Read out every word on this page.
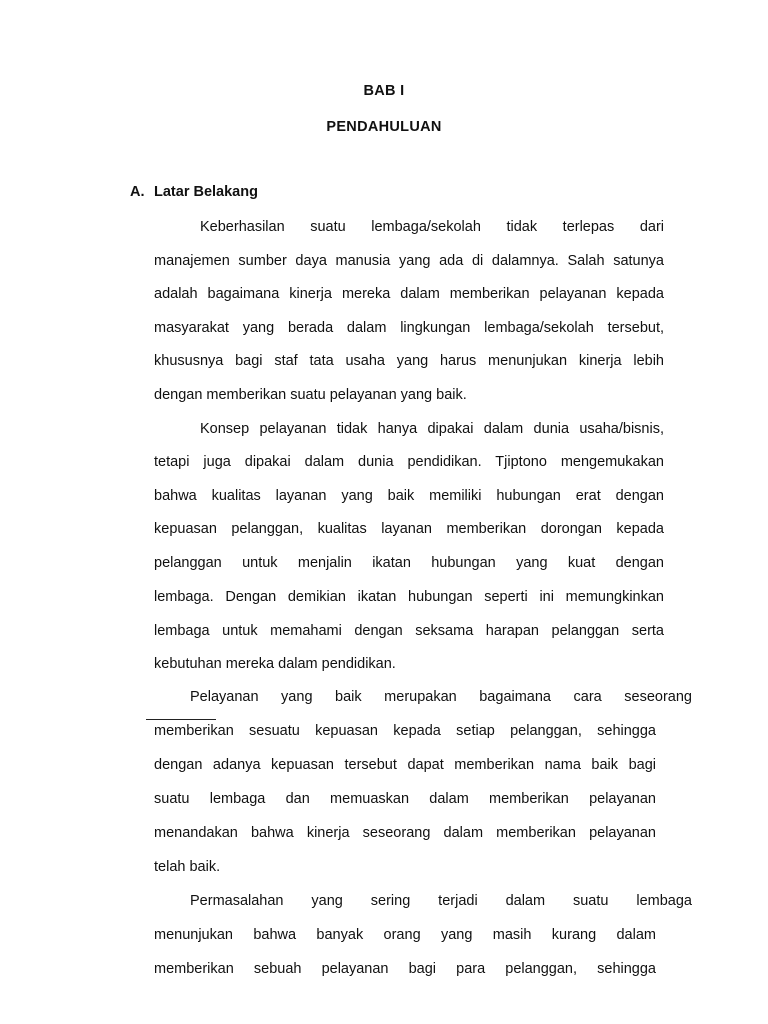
BAB I
PENDAHULUAN
A. Latar Belakang
Keberhasilan suatu lembaga/sekolah tidak terlepas dari
manajemen sumber daya manusia yang ada di dalamnya. Salah satunya
adalah bagaimana kinerja mereka dalam memberikan pelayanan kepada
masyarakat yang berada dalam lingkungan lembaga/sekolah tersebut,
khususnya bagi staf tata usaha yang harus menunjukan kinerja lebih
dengan memberikan suatu pelayanan yang baik.
Konsep pelayanan tidak hanya dipakai dalam dunia usaha/bisnis,
tetapi juga dipakai dalam dunia pendidikan. Tjiptono mengemukakan
bahwa kualitas layanan yang baik memiliki hubungan erat dengan
kepuasan pelanggan, kualitas layanan memberikan dorongan kepada
pelanggan untuk menjalin ikatan hubungan yang kuat dengan
lembaga. Dengan demikian ikatan hubungan seperti ini memungkinkan
lembaga untuk memahami dengan seksama harapan pelanggan serta
kebutuhan mereka dalam pendidikan.
Pelayanan yang baik merupakan bagaimana cara seseorang
memberikan sesuatu kepuasan kepada setiap pelanggan, sehingga
dengan adanya kepuasan tersebut dapat memberikan nama baik bagi
suatu lembaga dan memuaskan dalam memberikan pelayanan
menandakan bahwa kinerja seseorang dalam memberikan pelayanan
telah baik.
Permasalahan yang sering terjadi dalam suatu lembaga
menunjukan bahwa banyak orang yang masih kurang dalam
memberikan sebuah pelayanan bagi para pelanggan, sehingga
